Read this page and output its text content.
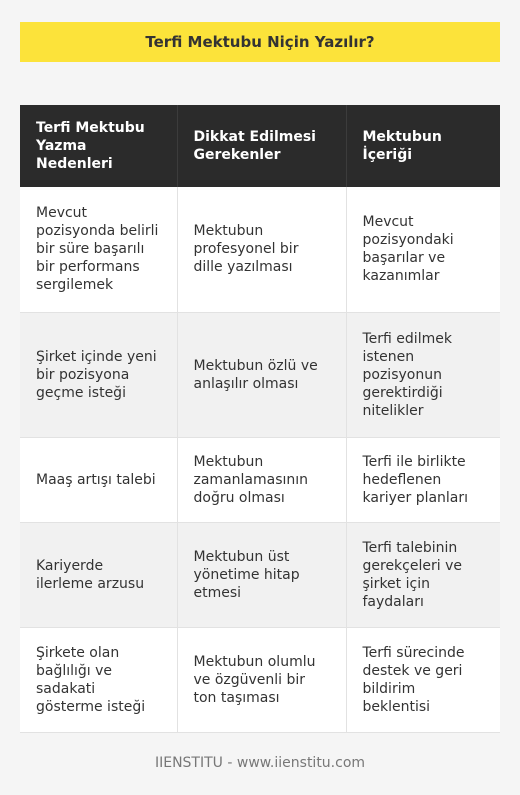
Terfi Mektubu Niçin Yazılır?
Terfi Mektubu Yazma Nedenleri	Dikkat Edilmesi Gerekenler	Mektubun İçeriği
Mevcut pozisyonda belirli bir süre başarılı bir performans sergilemek	Mektubun profesyonel bir dille yazılması	Mevcut pozisyondaki başarılar ve kazanımlar
Şirket içinde yeni bir pozisyona geçme isteği	Mektubun özlü ve anlaşılır olması	Terfi edilmek istenen pozisyonun gerektirdiği nitelikler
Maaş artışı talebi	Mektubun zamanlamasının doğru olması	Terfi ile birlikte hedeflenen kariyer planları
Kariyerde ilerleme arzusu	Mektubun üst yönetime hitap etmesi	Terfi talebinin gerekçeleri ve şirket için faydaları
Şirkete olan bağlılığı ve sadakati gösterme isteği	Mektubun olumlu ve özgüvenli bir ton taşıması	Terfi sürecinde destek ve geri bildirim beklentisi
IIENSTITU - www.iienstitu.com
